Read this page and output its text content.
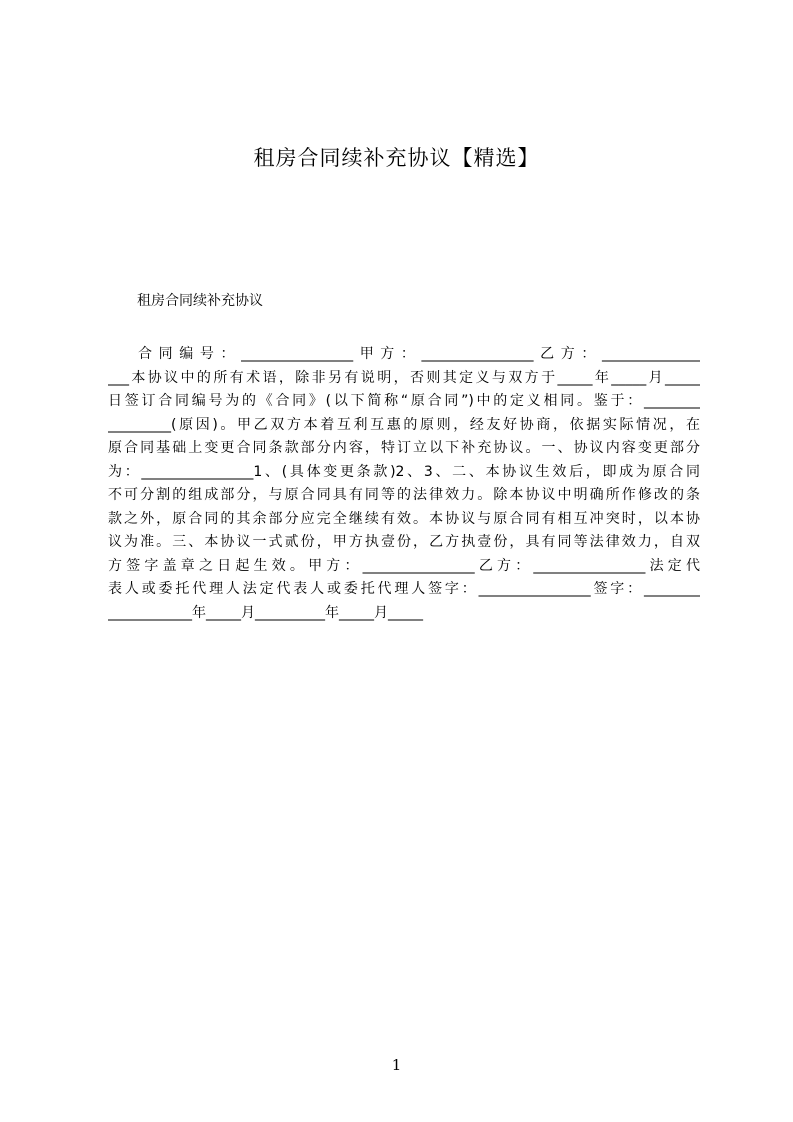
租房合同续补充协议【精选】
租房合同续补充协议
合同编号：________________甲方：________________乙方：______________
___本协议中的所有术语，除非另有说明，否则其定义与双方于_____年_____月_____
日签订合同编号为的《合同》(以下简称“原合同”)中的定义相同。鉴于：________
_________(原因)。甲乙双方本着互利互惠的原则，经友好协商，依据实际情况，在
原合同基础上变更合同条款部分内容，特订立以下补充协议。一、协议内容变更部分
为：________________1、(具体变更条款)2、3、二、本协议生效后，即成为原合同
不可分割的组成部分，与原合同具有同等的法律效力。除本协议中明确所作修改的条
款之外，原合同的其余部分应完全继续有效。本协议与原合同有相互冲突时，以本协
议为准。三、本协议一式贰份，甲方执壹份，乙方执壹份，具有同等法律效力，自双
方签字盖章之日起生效。甲方：________________乙方：________________法定代
表人或委托代理人法定代表人或委托代理人签字：________________签字：________
____________年_____月__________年_____月_____
1
